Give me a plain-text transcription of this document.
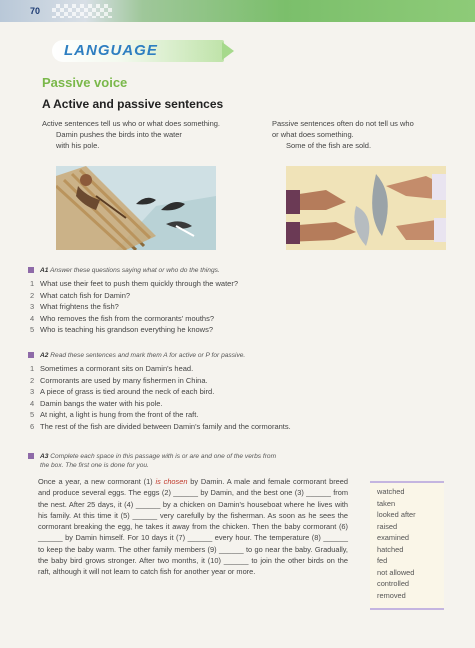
70
LANGUAGE
Passive voice
A Active and passive sentences
Active sentences tell us who or what does something.
Damin pushes the birds into the water
with his pole.
Passive sentences often do not tell us who
or what does something.
Some of the fish are sold.
A1 Answer these questions saying what or who do the things.
1 What use their feet to push them quickly through the water?
2 What catch fish for Damin?
3 What frightens the fish?
4 Who removes the fish from the cormorants' mouths?
5 Who is teaching his grandson everything he knows?
A2 Read these sentences and mark them A for active or P for passive.
1 Sometimes a cormorant sits on Damin's head.
2 Cormorants are used by many fishermen in China.
3 A piece of grass is tied around the neck of each bird.
4 Damin bangs the water with his pole.
5 At night, a light is hung from the front of the raft.
6 The rest of the fish are divided between Damin's family and the cormorants.
A3 Complete each space in this passage with is or are and one of the verbs from
the box. The first one is done for you.
Once a year, a new cormorant (1) is chosen by Damin. A male and female cormorant breed and produce several eggs. The eggs (2) ______ by Damin, and the best one (3) ______ from the nest. After 25 days, it (4) ______ by a chicken on Damin's houseboat where he lives with his family. At this time it (5) ______ very carefully by the fisherman. As soon as he sees the cormorant breaking the egg, he takes it away from the chicken. Then the baby cormorant (6) ______ by Damin himself. For 10 days it (7) ______ every hour. The temperature (8) ______ to keep the baby warm. The other family members (9) ______ to go near the baby. Gradually, the baby bird grows stronger. After two months, it (10) ______ to join the other birds on the raft, although it will not learn to catch fish for another year or more.
watched
taken
looked after
raised
examined
hatched
fed
not allowed
controlled
removed
